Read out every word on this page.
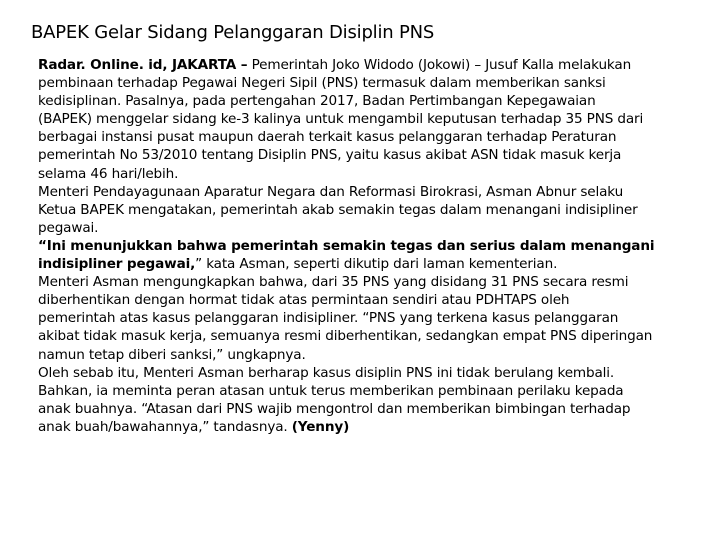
BAPEK Gelar Sidang Pelanggaran Disiplin PNS
Radar. Online. id, JAKARTA – Pemerintah Joko Widodo (Jokowi) – Jusuf Kalla melakukan
pembinaan terhadap Pegawai Negeri Sipil (PNS) termasuk dalam memberikan sanksi
kedisiplinan. Pasalnya, pada pertengahan 2017, Badan Pertimbangan Kepegawaian
(BAPEK) menggelar sidang ke-3 kalinya untuk mengambil keputusan terhadap 35 PNS dari
berbagai instansi pusat maupun daerah terkait kasus pelanggaran terhadap Peraturan
pemerintah No 53/2010 tentang Disiplin PNS, yaitu kasus akibat ASN tidak masuk kerja
selama 46 hari/lebih.
Menteri Pendayagunaan Aparatur Negara dan Reformasi Birokrasi, Asman Abnur selaku
Ketua BAPEK mengatakan, pemerintah akab semakin tegas dalam menangani indisipliner
pegawai.
“Ini menunjukkan bahwa pemerintah semakin tegas dan serius dalam menangani
indisipliner pegawai,” kata Asman, seperti dikutip dari laman kementerian.
Menteri Asman mengungkapkan bahwa, dari 35 PNS yang disidang 31 PNS secara resmi
diberhentikan dengan hormat tidak atas permintaan sendiri atau PDHTAPS oleh
pemerintah atas kasus pelanggaran indisipliner. “PNS yang terkena kasus pelanggaran
akibat tidak masuk kerja, semuanya resmi diberhentikan, sedangkan empat PNS diperingan
namun tetap diberi sanksi,” ungkapnya.
Oleh sebab itu, Menteri Asman berharap kasus disiplin PNS ini tidak berulang kembali.
Bahkan, ia meminta peran atasan untuk terus memberikan pembinaan perilaku kepada
anak buahnya. “Atasan dari PNS wajib mengontrol dan memberikan bimbingan terhadap
anak buah/bawahannya,” tandasnya. (Yenny)
